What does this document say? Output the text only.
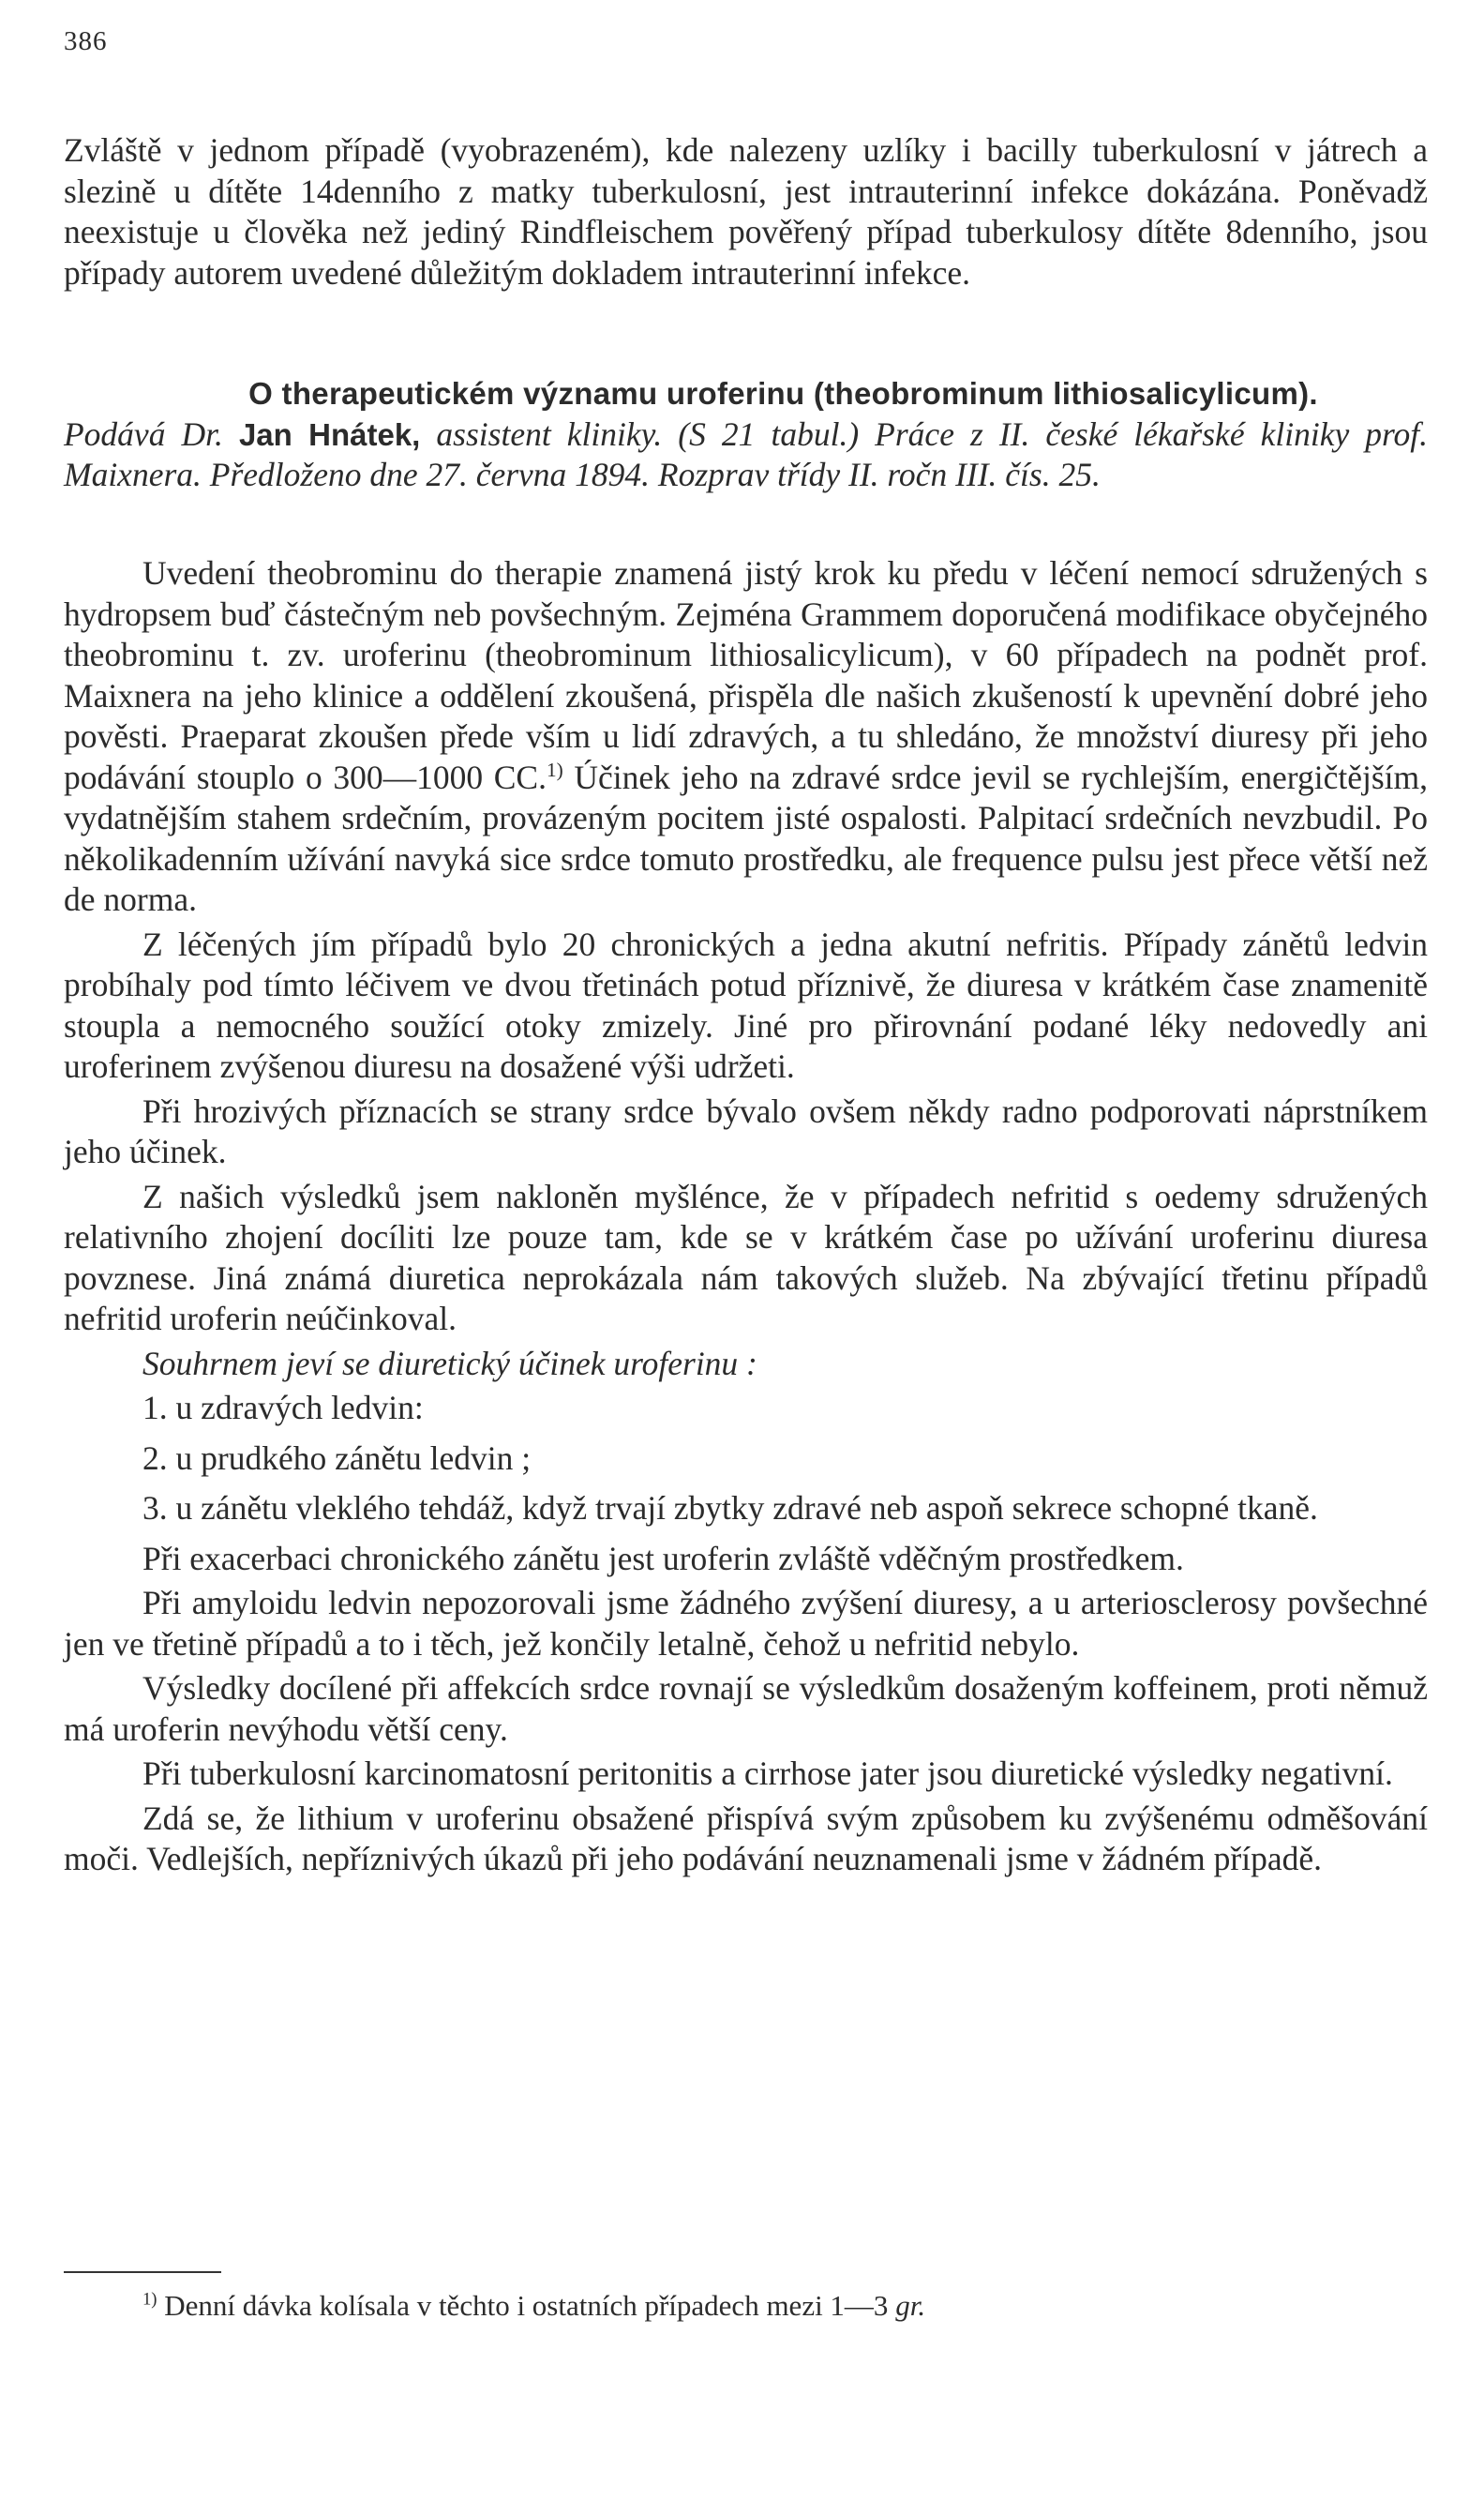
386

Zvláště v jednom případě (vyobrazeném), kde nalezeny uzlíky i bacilly tuberkulosní v játrech a slezině u dítěte 14denního z matky tuberkulosní, jest intrauterinní infekce dokázána. Poněvadž neexistuje u člověka než jediný Rindfleischem pověřený případ tuberkulosy dítěte 8denního, jsou případy autorem uvedené důležitým dokladem intrauterinní infekce.

O therapeutickém významu uroferinu (theobrominum lithiosalicylicum).
Podává Dr. Jan Hnátek, assistent kliniky. (S 21 tabul.) Práce z II. české lékařské kliniky prof. Maixnera. Předloženo dne 27. června 1894. Rozprav třídy II. ročn III. čís. 25.

Uvedení theobrominu do therapie znamená jistý krok ku předu v léčení nemocí sdružených s hydropsem buď částečným neb povšechným. Zejména Grammem doporučená modifikace obyčejného theobrominu t. zv. uroferinu (theobrominum lithiosalicylicum), v 60 případech na podnět prof. Maixnera na jeho klinice a oddělení zkoušená, přispěla dle našich zkušeností k upevnění dobré jeho pověsti. Praeparat zkoušen přede vším u lidí zdravých, a tu shledáno, že množství diuresy při jeho podávání stouplo o 300—1000 CC.$^{1)}$ Účinek jeho na zdravé srdce jevil se rychlejším, energičtějším, vydatnějším stahem srdečním, provázeným pocitem jisté ospalosti. Palpitací srdečních nevzbudil. Po několikadenním užívání navyká sice srdce tomuto prostředku, ale frequence pulsu jest přece větší než de norma.

Z léčených jím případů bylo 20 chronických a jedna akutní nefritis. Případy zánětů ledvin probíhaly pod tímto léčivem ve dvou třetinách potud příznivě, že diuresa v krátkém čase znamenitě stoupla a nemocného soužící otoky zmizely. Jiné pro přirovnání podané léky nedovedly ani uroferinem zvýšenou diuresu na dosažené výši udržeti.

Při hrozivých příznacích se strany srdce bývalo ovšem někdy radno podporovati náprstníkem jeho účinek.

Z našich výsledků jsem nakloněn myšlénce, že v případech nefritid s oedemy sdružených relativního zhojení docíliti lze pouze tam, kde se v krátkém čase po užívání uroferinu diuresa povznese. Jiná známá diuretica neprokázala nám takových služeb. Na zbývající třetinu případů nefritid uroferin neúčinkoval.

Souhrnem jeví se diuretický účinek uroferinu :

1. u zdravých ledvin:

2. u prudkého zánětu ledvin ;

3. u zánětu vleklého tehdáž, když trvají zbytky zdravé neb aspoň sekrece schopné tkaně.

Při exacerbaci chronického zánětu jest uroferin zvláště vděčným prostředkem.

Při amyloidu ledvin nepozorovali jsme žádného zvýšení diuresy, a u arteriosclerosy povšechné jen ve třetině případů a to i těch, jež končily letalně, čehož u nefritid nebylo.

Výsledky docílené při affekcích srdce rovnají se výsledkům dosaženým koffeinem, proti němuž má uroferin nevýhodu větší ceny.

Při tuberkulosní karcinomatosní peritonitis a cirrhose jater jsou diuretické výsledky negativní.

Zdá se, že lithium v uroferinu obsažené přispívá svým způsobem ku zvýšenému odměšování moči. Vedlejších, nepříznivých úkazů při jeho podávání neuznamenali jsme v žádném případě.

$^{1)}$ Denní dávka kolísala v těchto i ostatních případech mezi 1—3 gr.
